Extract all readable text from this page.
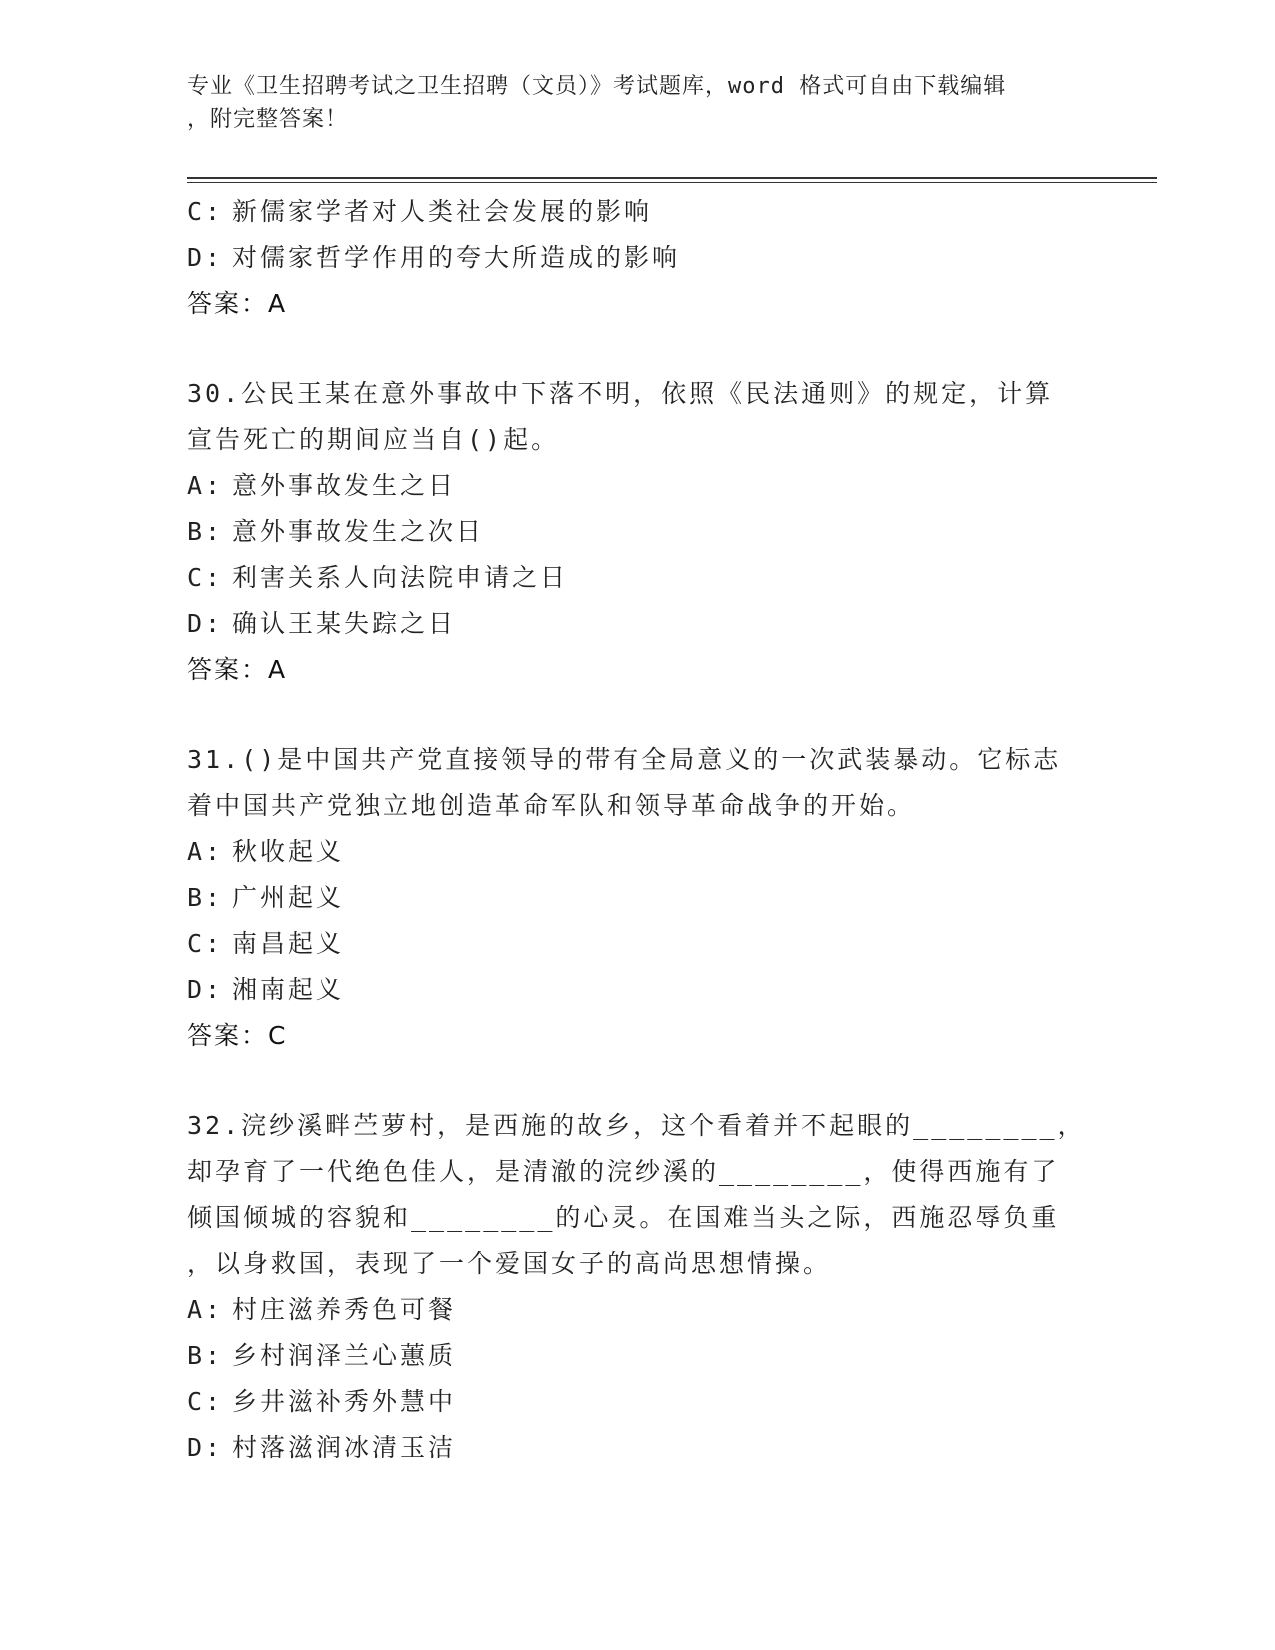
专业《卫生招聘考试之卫生招聘（文员）》考试题库，word 格式可自由下载编辑
，附完整答案！
C: 新儒家学者对人类社会发展的影响
D: 对儒家哲学作用的夸大所造成的影响
答案：A
30.公民王某在意外事故中下落不明，依照《民法通则》的规定，计算
宣告死亡的期间应当自()起。
A: 意外事故发生之日
B: 意外事故发生之次日
C: 利害关系人向法院申请之日
D: 确认王某失踪之日
答案：A
31.()是中国共产党直接领导的带有全局意义的一次武装暴动。它标志
着中国共产党独立地创造革命军队和领导革命战争的开始。
A: 秋收起义
B: 广州起义
C: 南昌起义
D: 湘南起义
答案：C
32.浣纱溪畔苎萝村，是西施的故乡，这个看着并不起眼的________，
却孕育了一代绝色佳人，是清澈的浣纱溪的________，使得西施有了
倾国倾城的容貌和________的心灵。在国难当头之际，西施忍辱负重
，以身救国，表现了一个爱国女子的高尚思想情操。
A: 村庄滋养秀色可餐
B: 乡村润泽兰心蕙质
C: 乡井滋补秀外慧中
D: 村落滋润冰清玉洁
